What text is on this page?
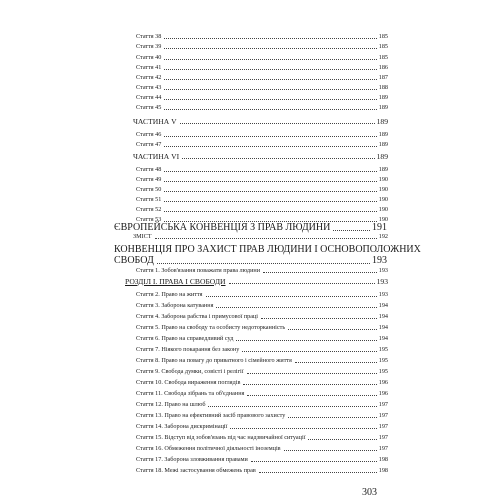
Стаття 38	185
Стаття 39	185
Стаття 40	185
Стаття 41	186
Стаття 42	187
Стаття 43	188
Стаття 44	189
Стаття 45	189
ЧАСТИНА V	189
Стаття 46	189
Стаття 47	189
ЧАСТИНА VI	189
Стаття 48	189
Стаття 49	190
Стаття 50	190
Стаття 51	190
Стаття 52	190
Стаття 53	190
ЄВРОПЕЙСЬКА КОНВЕНЦІЯ З ПРАВ ЛЮДИНИ	191
ЗМІСТ	192
КОНВЕНЦІЯ ПРО ЗАХИСТ ПРАВ ЛЮДИНИ І ОСНОВОПОЛОЖНИХ
СВОБОД	193
Стаття 1. Зобов'язання поважати права людини	193
РОЗДІЛ I. ПРАВА І СВОБОДИ	193
Стаття 2. Право на життя	193
Стаття 3. Заборона катування	194
Стаття 4. Заборона рабства і примусової праці	194
Стаття 5. Право на свободу та особисту недоторканність	194
Стаття 6. Право на справедливий суд	194
Стаття 7. Ніякого покарання без закону	195
Стаття 8. Право на повагу до приватного і сімейного життя	195
Стаття 9. Свобода думки, совісті і релігії	195
Стаття 10. Свобода вираження поглядів	196
Стаття 11. Свобода зібрань та об'єднання	196
Стаття 12. Право на шлюб	197
Стаття 13. Право на ефективний засіб правового захисту	197
Стаття 14. Заборона дискримінації	197
Стаття 15. Відступ від зобов'язань під час надзвичайної ситуації	197
Стаття 16. Обмеження політичної діяльності іноземців	197
Стаття 17. Заборона зловживання правами	198
Стаття 18. Межі застосування обмежень прав	198
303
